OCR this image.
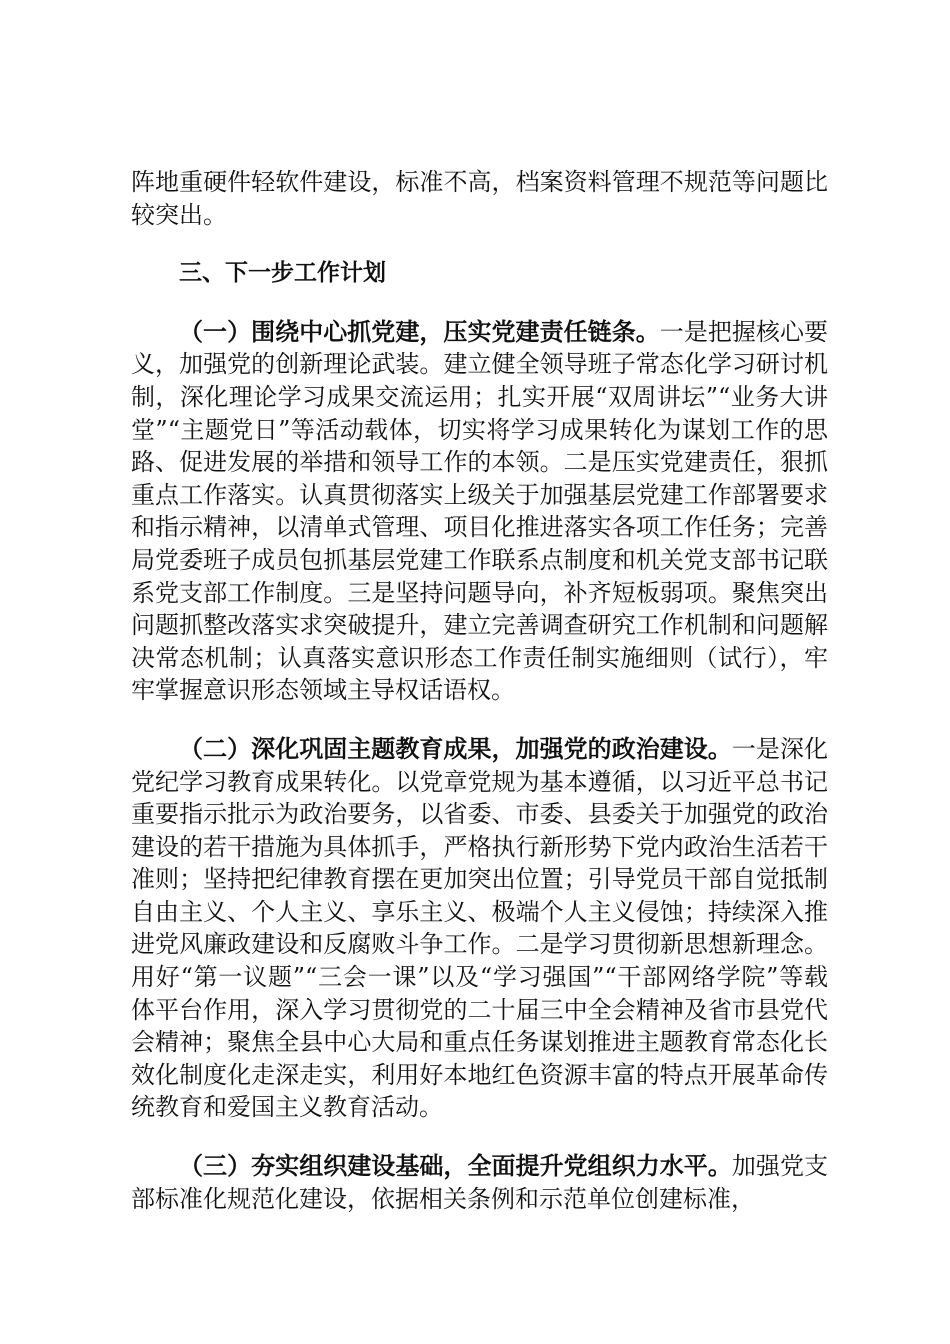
阵地重硬件轻软件建设，标准不高，档案资料管理不规范等问题比较突出。

三、下一步工作计划

（一）围绕中心抓党建，压实党建责任链条。一是把握核心要义，加强党的创新理论武装。建立健全领导班子常态化学习研讨机制，深化理论学习成果交流运用；扎实开展“双周讲坛”“业务大讲堂”“主题党日”等活动载体，切实将学习成果转化为谋划工作的思路、促进发展的举措和领导工作的本领。二是压实党建责任，狠抓重点工作落实。认真贯彻落实上级关于加强基层党建工作部署要求和指示精神，以清单式管理、项目化推进落实各项工作任务；完善局党委班子成员包抓基层党建工作联系点制度和机关党支部书记联系党支部工作制度。三是坚持问题导向，补齐短板弱项。聚焦突出问题抓整改落实求突破提升，建立完善调查研究工作机制和问题解决常态机制；认真落实意识形态工作责任制实施细则（试行），牢牢掌握意识形态领域主导权话语权。

（二）深化巩固主题教育成果，加强党的政治建设。一是深化党纪学习教育成果转化。以党章党规为基本遵循，以习近平总书记重要指示批示为政治要务，以省委、市委、县委关于加强党的政治建设的若干措施为具体抓手，严格执行新形势下党内政治生活若干准则；坚持把纪律教育摆在更加突出位置；引导党员干部自觉抵制自由主义、个人主义、享乐主义、极端个人主义侵蚀；持续深入推进党风廉政建设和反腐败斗争工作。二是学习贯彻新思想新理念。用好“第一议题”“三会一课”以及“学习强国”“干部网络学院”等载体平台作用，深入学习贯彻党的二十届三中全会精神及省市县党代会精神；聚焦全县中心大局和重点任务谋划推进主题教育常态化长效化制度化走深走实，利用好本地红色资源丰富的特点开展革命传统教育和爱国主义教育活动。

（三）夯实组织建设基础，全面提升党组织力水平。加强党支部标准化规范化建设，依据相关条例和示范单位创建标准，
